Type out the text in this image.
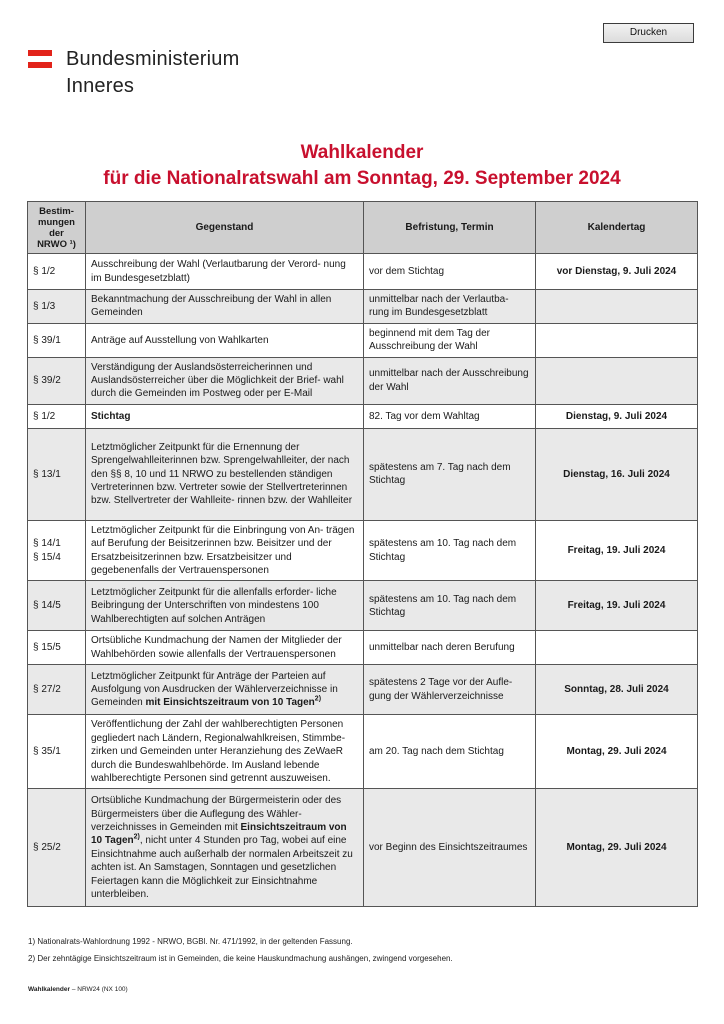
Drucken
Bundesministerium
Inneres
Wahlkalender
für die Nationalratswahl am Sonntag, 29. September 2024
Bestim-
mungen
der
NRWO ¹)	Gegenstand	Befristung, Termin	Kalendertag
§ 1/2	Ausschreibung der Wahl (Verlautbarung der Verord- nung im Bundesgesetzblatt)	vor dem Stichtag	vor Dienstag, 9. Juli 2024
§ 1/3	Bekanntmachung der Ausschreibung der Wahl in allen Gemeinden	unmittelbar nach der Verlautba- rung im Bundesgesetzblatt	
§ 39/1	Anträge auf Ausstellung von Wahlkarten	beginnend mit dem Tag der Ausschreibung der Wahl	
§ 39/2	Verständigung der Auslandsösterreicherinnen und Auslandsösterreicher über die Möglichkeit der Brief- wahl durch die Gemeinden im Postweg oder per E-Mail	unmittelbar nach der Ausschreibung der Wahl	
§ 1/2	Stichtag	82. Tag vor dem Wahltag	Dienstag, 9. Juli 2024
§ 13/1	Letztmöglicher Zeitpunkt für die Ernennung der Sprengelwahlleiterinnen bzw. Sprengelwahlleiter, der nach den §§ 8, 10 und 11 NRWO zu bestellenden ständigen Vertreterinnen bzw. Vertreter sowie der Stellvertreterinnen bzw. Stellvertreter der Wahlleite- rinnen bzw. der Wahlleiter	spätestens am 7. Tag nach dem Stichtag	Dienstag, 16. Juli 2024
§ 14/1
§ 15/4	Letztmöglicher Zeitpunkt für die Einbringung von An- trägen auf Berufung der Beisitzerinnen bzw. Beisitzer und der Ersatzbeisitzerinnen bzw. Ersatzbeisitzer und gegebenenfalls der Vertrauenspersonen	spätestens am 10. Tag nach dem Stichtag	Freitag, 19. Juli 2024
§ 14/5	Letztmöglicher Zeitpunkt für die allenfalls erforder- liche Beibringung der Unterschriften von mindestens 100 Wahlberechtigten auf solchen Anträgen	spätestens am 10. Tag nach dem Stichtag	Freitag, 19. Juli 2024
§ 15/5	Ortsübliche Kundmachung der Namen der Mitglieder der Wahlbehörden sowie allenfalls der Vertrauenspersonen	unmittelbar nach deren Berufung	
§ 27/2	Letztmöglicher Zeitpunkt für Anträge der Parteien auf Ausfolgung von Ausdrucken der Wählerverzeichnisse in Gemeinden mit Einsichtszeitraum von 10 Tagen$^{2)}$	spätestens 2 Tage vor der Aufle- gung der Wählerverzeichnisse	Sonntag, 28. Juli 2024
§ 35/1	Veröffentlichung der Zahl der wahlberechtigten Personen gegliedert nach Ländern, Regionalwahlkreisen, Stimmbe- zirken und Gemeinden unter Heranziehung des ZeWaeR durch die Bundeswahlbehörde. Im Ausland lebende wahlberechtigte Personen sind getrennt auszuweisen.	am 20. Tag nach dem Stichtag	Montag, 29. Juli 2024
§ 25/2	Ortsübliche Kundmachung der Bürgermeisterin oder des Bürgermeisters über die Auflegung des Wähler- verzeichnisses in Gemeinden mit Einsichtszeitraum von 10 Tagen$^{2)}$, nicht unter 4 Stunden pro Tag, wobei auf eine Einsichtnahme auch außerhalb der normalen Arbeitszeit zu achten ist. An Samstagen, Sonntagen und gesetzlichen Feiertagen kann die Möglichkeit zur Einsichtnahme unterbleiben.	vor Beginn des Einsichtszeitraumes	Montag, 29. Juli 2024
1) Nationalrats-Wahlordnung 1992 - NRWO, BGBl. Nr. 471/1992, in der geltenden Fassung.
2) Der zehntägige Einsichtszeitraum ist in Gemeinden, die keine Hauskundmachung aushängen, zwingend vorgesehen.
Wahlkalender – NRW24 (NX 100)
